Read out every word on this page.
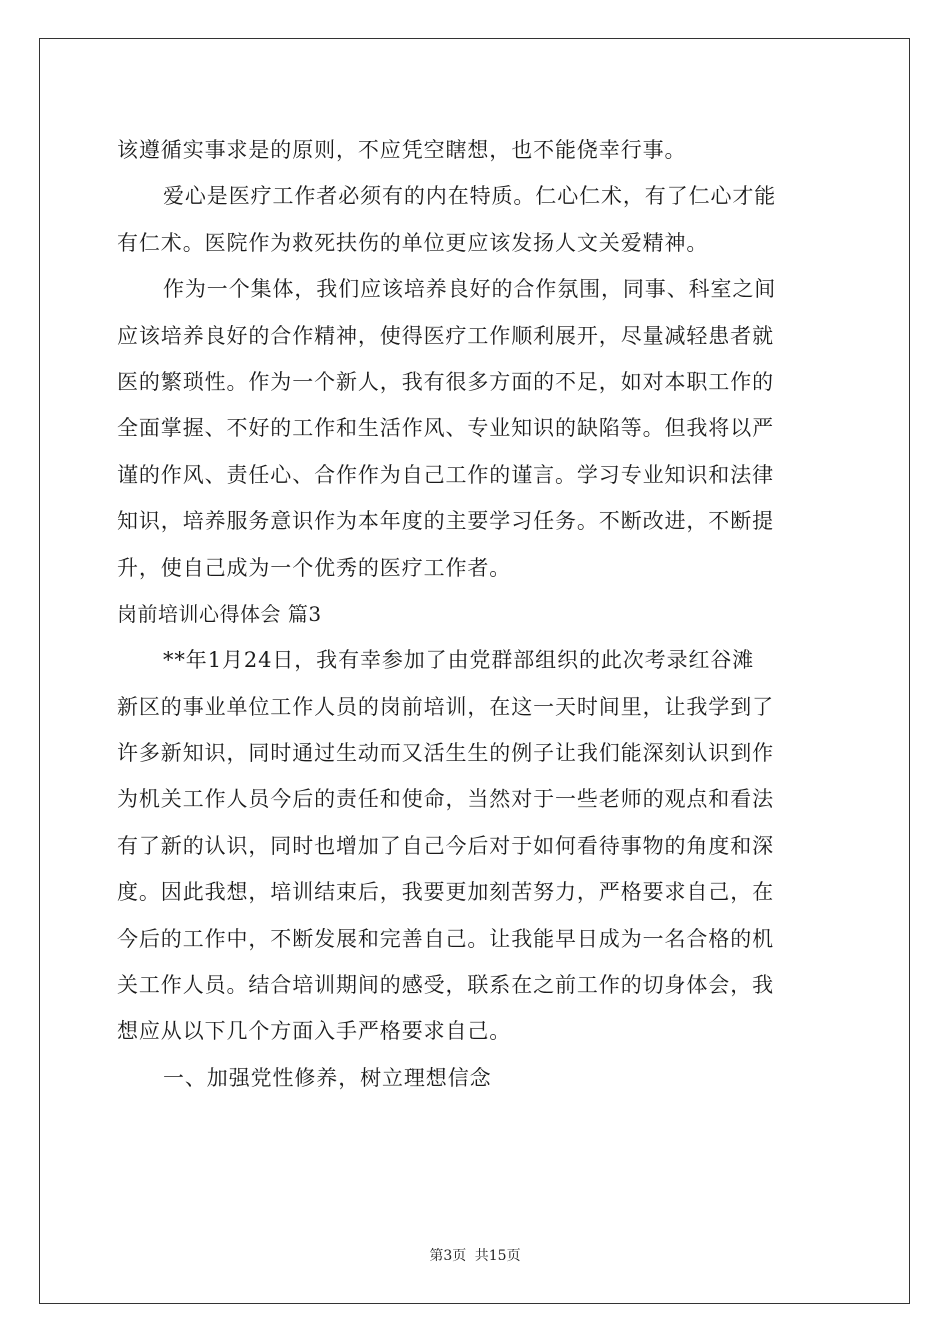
该遵循实事求是的原则，不应凭空瞎想，也不能侥幸行事。
爱心是医疗工作者必须有的内在特质。仁心仁术，有了仁心才能
有仁术。医院作为救死扶伤的单位更应该发扬人文关爱精神。
作为一个集体，我们应该培养良好的合作氛围，同事、科室之间
应该培养良好的合作精神，使得医疗工作顺利展开，尽量减轻患者就
医的繁琐性。作为一个新人，我有很多方面的不足，如对本职工作的
全面掌握、不好的工作和生活作风、专业知识的缺陷等。但我将以严
谨的作风、责任心、合作作为自己工作的谨言。学习专业知识和法律
知识，培养服务意识作为本年度的主要学习任务。不断改进，不断提
升，使自己成为一个优秀的医疗工作者。
岗前培训心得体会 篇3
**年1月24日，我有幸参加了由党群部组织的此次考录红谷滩
新区的事业单位工作人员的岗前培训，在这一天时间里，让我学到了
许多新知识，同时通过生动而又活生生的例子让我们能深刻认识到作
为机关工作人员今后的责任和使命，当然对于一些老师的观点和看法
有了新的认识，同时也增加了自己今后对于如何看待事物的角度和深
度。因此我想，培训结束后，我要更加刻苦努力，严格要求自己，在
今后的工作中，不断发展和完善自己。让我能早日成为一名合格的机
关工作人员。结合培训期间的感受，联系在之前工作的切身体会，我
想应从以下几个方面入手严格要求自己。
一、加强党性修养，树立理想信念
第3页 共15页
